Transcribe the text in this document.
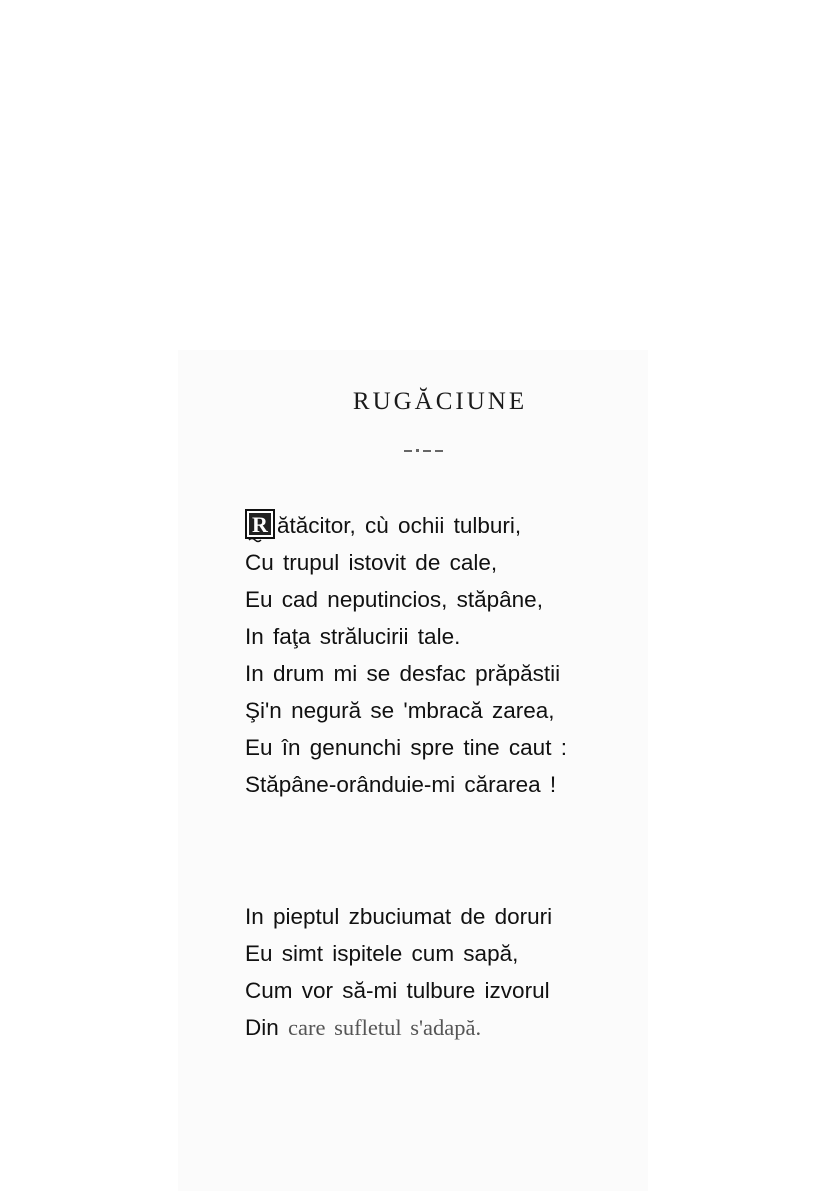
RUGĂCIUNE
R ătăcitor, cù ochii tulburi,
Cu trupul istovit de cale,
Eu cad neputincios, stăpâne,
In faţa strălucirii tale.
In drum mi se desfac prăpăstii
Şi'n negură se 'mbracă zarea,
Eu în genunchi spre tine caut :
Stăpâne-orânduie-mi cărarea !
In pieptul zbuciumat de doruri
Eu simt ispitele cum sapă,
Cum vor să-mi tulbure izvorul
Din care sufletul s'adapă.
